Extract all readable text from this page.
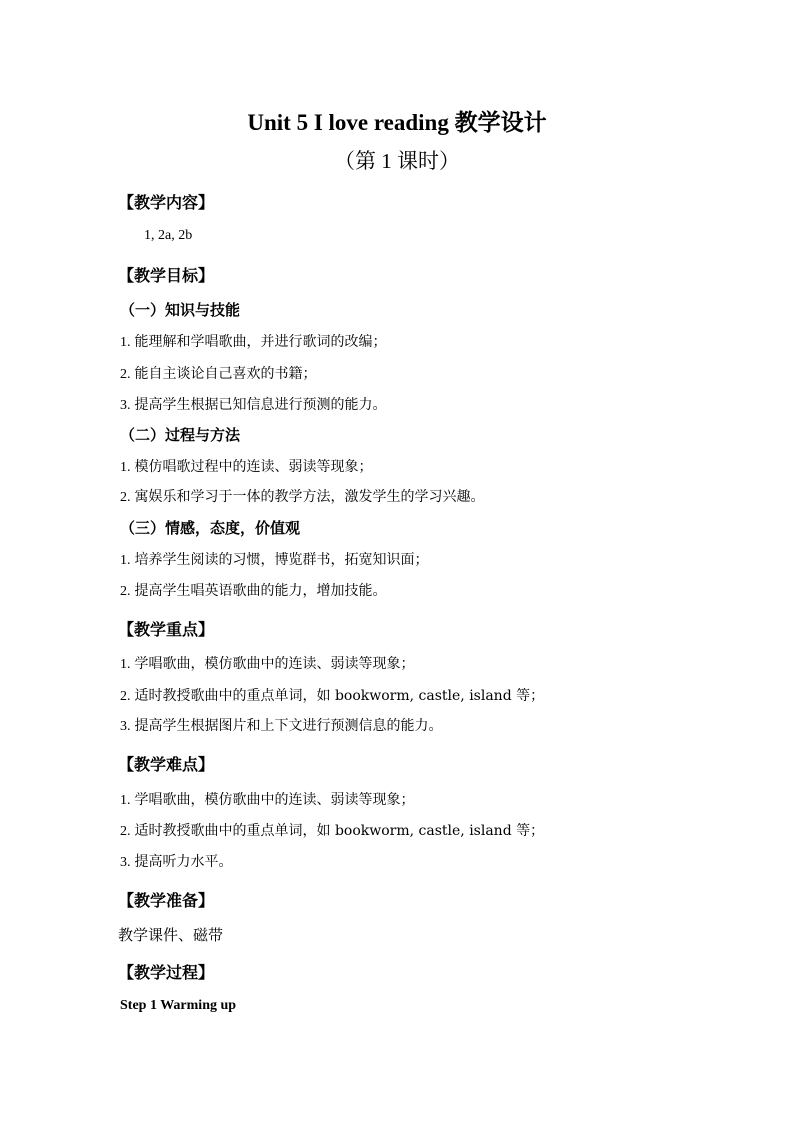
Unit 5 I love reading 教学设计
（第 1 课时）
【教学内容】
1, 2a, 2b
【教学目标】
（一）知识与技能
1. 能理解和学唱歌曲，并进行歌词的改编；
2. 能自主谈论自己喜欢的书籍；
3. 提高学生根据已知信息进行预测的能力。
（二）过程与方法
1. 模仿唱歌过程中的连读、弱读等现象；
2. 寓娱乐和学习于一体的教学方法，激发学生的学习兴趣。
（三）情感，态度，价值观
1. 培养学生阅读的习惯，博览群书，拓宽知识面；
2. 提高学生唱英语歌曲的能力，增加技能。
【教学重点】
1. 学唱歌曲，模仿歌曲中的连读、弱读等现象；
2. 适时教授歌曲中的重点单词，如 bookworm, castle, island 等；
3. 提高学生根据图片和上下文进行预测信息的能力。
【教学难点】
1. 学唱歌曲，模仿歌曲中的连读、弱读等现象；
2. 适时教授歌曲中的重点单词，如 bookworm, castle, island 等；
3. 提高听力水平。
【教学准备】
教学课件、磁带
【教学过程】
Step 1 Warming up
